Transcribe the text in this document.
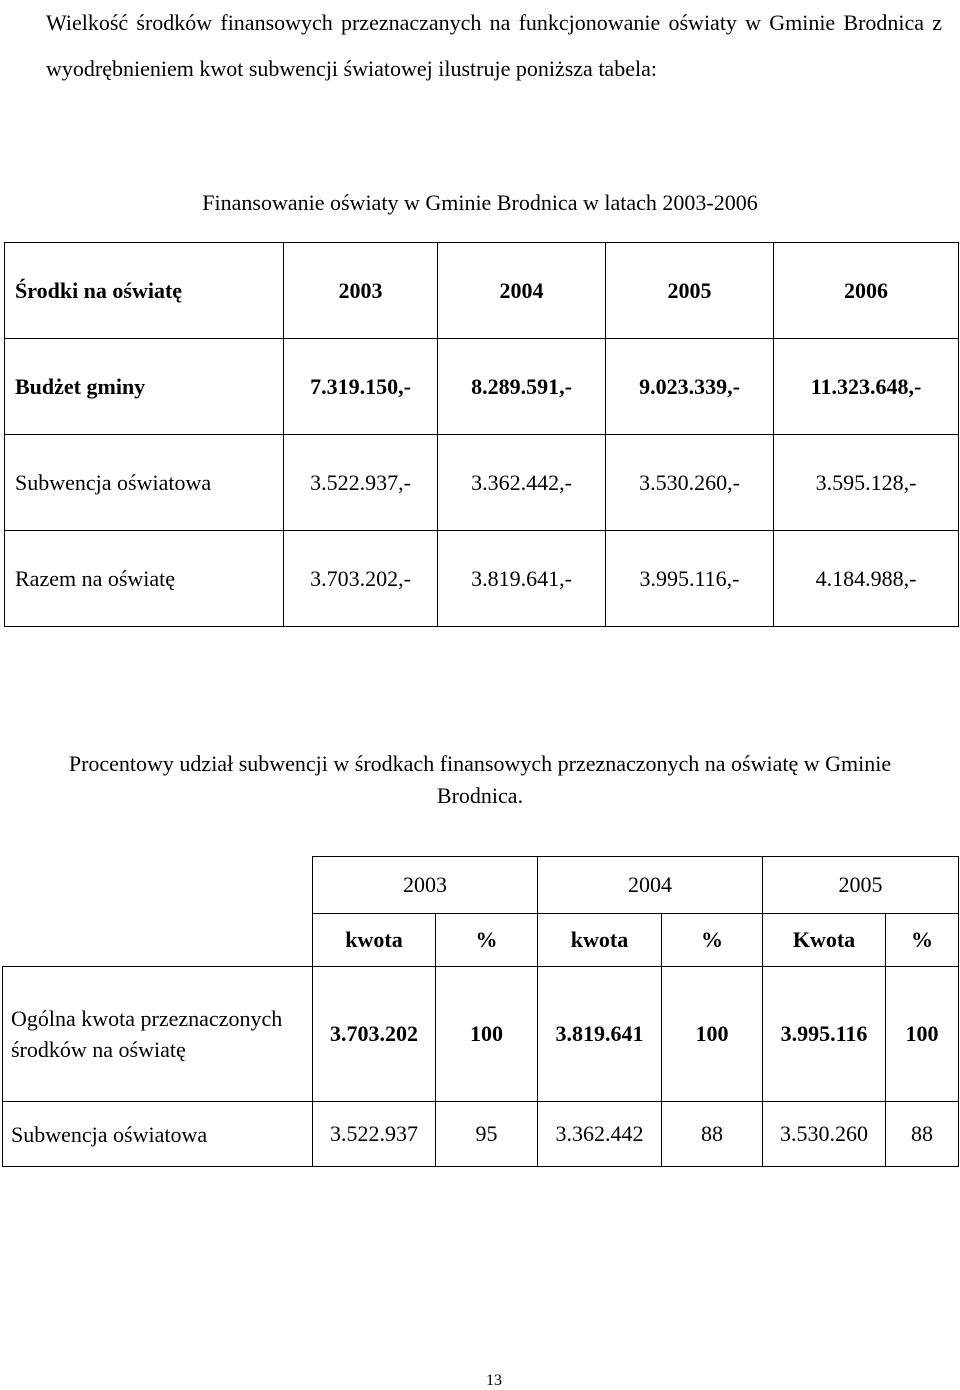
Wielkość środków finansowych przeznaczanych na funkcjonowanie oświaty w Gminie Brodnica z wyodrębnieniem kwot subwencji światowej ilustruje poniższa tabela:

Finansowanie oświaty w Gminie Brodnica w latach 2003-2006

Środki na oświatę	2003	2004	2005	2006
Budżet gminy	7.319.150,-	8.289.591,-	9.023.339,-	11.323.648,-
Subwencja oświatowa	3.522.937,-	3.362.442,-	3.530.260,-	3.595.128,-
Razem na oświatę	3.703.202,-	3.819.641,-	3.995.116,-	4.184.988,-

Procentowy udział subwencji w środkach finansowych przeznaczonych na oświatę w Gminie Brodnica.

	2003		2004		2005	
	kwota	%	kwota	%	Kwota	%
Ogólna kwota przeznaczonych środków na oświatę	3.703.202	100	3.819.641	100	3.995.116	100
Subwencja oświatowa	3.522.937	95	3.362.442	88	3.530.260	88
13
